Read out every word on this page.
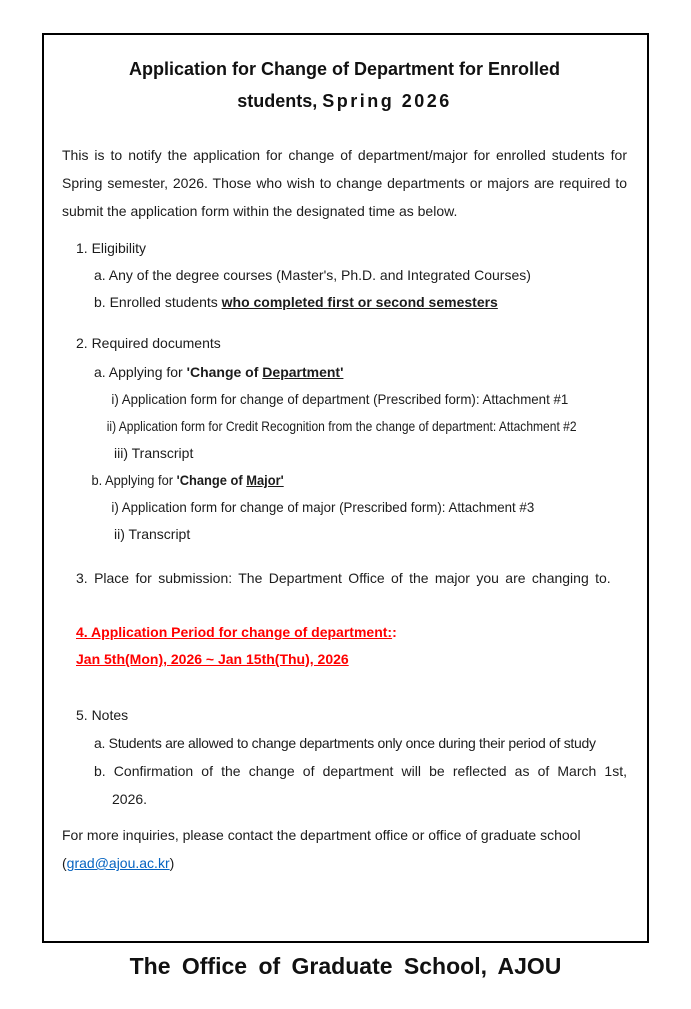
Application for Change of Department for Enrolled
students, Spring 2026

This is to notify the application for change of department/major for enrolled students for Spring semester, 2026. Those who wish to change departments or majors are required to submit the application form within the designated time as below.

1. Eligibility
a. Any of the degree courses (Master's, Ph.D. and Integrated Courses)
b. Enrolled students who completed first or second semesters
2. Required documents
a. Applying for 'Change of Department'
i) Application form for change of department (Prescribed form): Attachment #1
ii) Application form for Credit Recognition from the change of department: Attachment #2
iii) Transcript
b. Applying for 'Change of Major'
i) Application form for change of major (Prescribed form): Attachment #3
ii) Transcript
3. Place for submission: The Department Office of the major you are changing to.
4. Application Period for change of department::
Jan 5th(Mon), 2026 ~ Jan 15th(Thu), 2026
5. Notes
a. Students are allowed to change departments only once during their period of study
b. Confirmation of the change of department will be reflected as of March 1st, 2026.

For more inquiries, please contact the department office or office of graduate school (grad@ajou.ac.kr)

The Office of Graduate School, AJOU
